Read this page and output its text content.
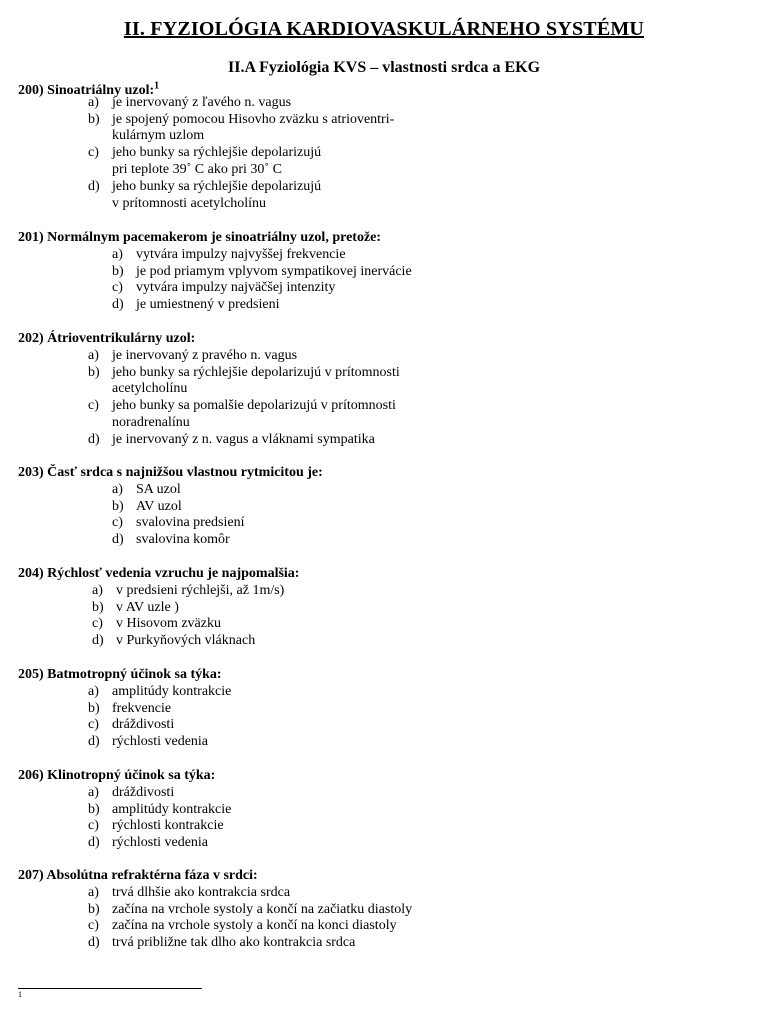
II. FYZIOLÓGIA KARDIOVASKULÁRNEHO SYSTÉMU
II.A Fyziológia KVS – vlastnosti srdca a EKG
200) Sinoatriálny uzol:$^1$
a) je inervovaný z ľavého n. vagus
b) je spojený pomocou Hisovho zväzku s atrioventri-
kulárnym uzlom
c) jeho bunky sa rýchlejšie depolarizujú
pri teplote 39˚ C ako pri 30˚ C
d) jeho bunky sa rýchlejšie depolarizujú
v prítomnosti acetylcholínu
201) Normálnym pacemakerom je sinoatriálny uzol, pretože:
a) vytvára impulzy najvyššej frekvencie
b) je pod priamym vplyvom sympatikovej inervácie
c) vytvára impulzy najväčšej intenzity
d) je umiestnený v predsieni
202) Átrioventrikulárny uzol:
a) je inervovaný z pravého n. vagus
b) jeho bunky sa rýchlejšie depolarizujú v prítomnosti
acetylcholínu
c) jeho bunky sa pomalšie depolarizujú v prítomnosti
noradrenalínu
d) je inervovaný z n. vagus a vláknami sympatika
203) Časť srdca s najnižšou vlastnou rytmicitou je:
a) SA uzol
b) AV uzol
c) svalovina predsiení
d) svalovina komôr
204) Rýchlosť vedenia vzruchu je najpomalšia:
a) v predsieni rýchlejši, až 1m/s)
b) v AV uzle )
c) v Hisovom zväzku
d) v Purkyňových vláknach
205) Batmotropný účinok sa týka:
a) amplitúdy kontrakcie
b) frekvencie
c) dráždivosti
d) rýchlosti vedenia
206) Klinotropný účinok sa týka:
a) dráždivosti
b) amplitúdy kontrakcie
c) rýchlosti kontrakcie
d) rýchlosti vedenia
207) Absolútna refraktérna fáza v srdci:
a) trvá dlhšie ako kontrakcia srdca
b) začína na vrchole systoly a končí na začiatku diastoly
c) začína na vrchole systoly a končí na konci diastoly
d) trvá približne tak dlho ako kontrakcia srdca
1
